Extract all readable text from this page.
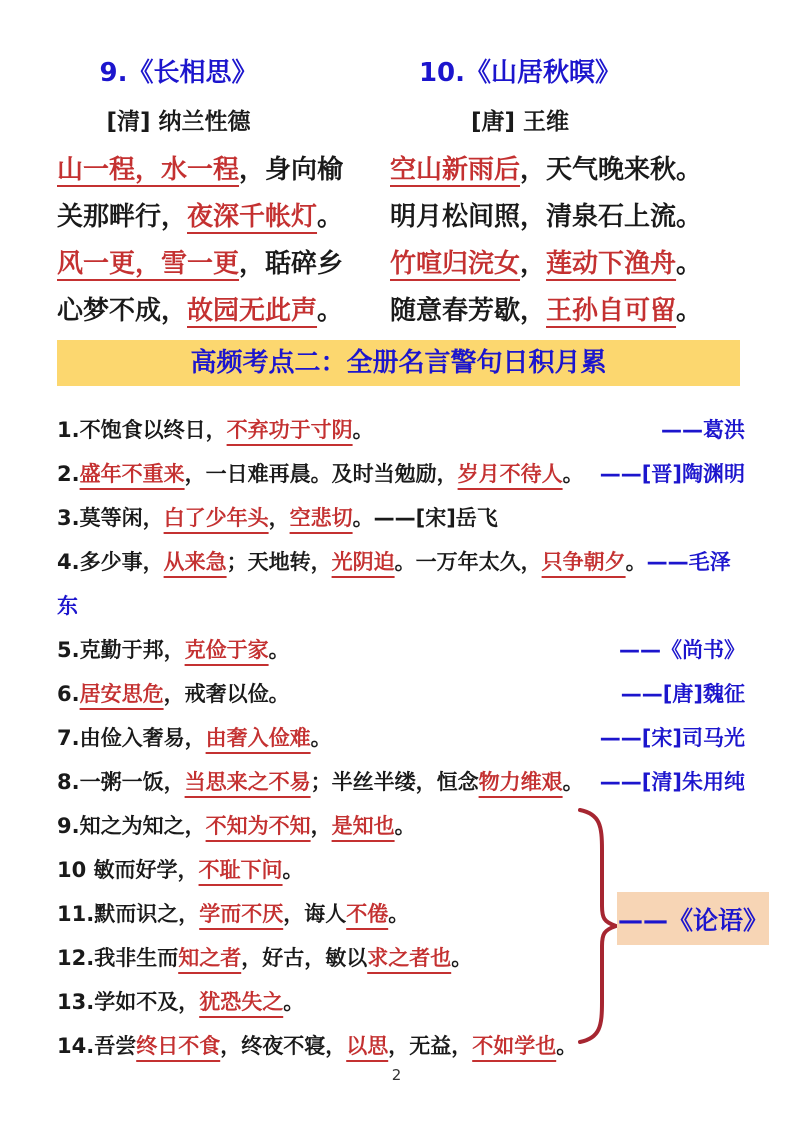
9.《长相思》
[清] 纳兰性德
山一程，水一程，身向榆
关那畔行，夜深千帐灯。
风一更，雪一更，聒碎乡
心梦不成，故园无此声。
10.《山居秋暝》
[唐] 王维
空山新雨后，天气晚来秋。
明月松间照，清泉石上流。
竹喧归浣女，莲动下渔舟。
随意春芳歇，王孙自可留。
高频考点二：全册名言警句日积月累
1.不饱食以终日，不弃功于寸阴。	——葛洪
2.盛年不重来，一日难再晨。及时当勉励，岁月不待人。 ——[晋]陶渊明
3.莫等闲，白了少年头，空悲切。——[宋]岳飞
4.多少事，从来急；天地转，光阴迫。一万年太久，只争朝夕。——毛泽
东
5.克勤于邦，克俭于家。	——《尚书》
6.居安思危，戒奢以俭。	——[唐]魏征
7.由俭入奢易，由奢入俭难。	——[宋]司马光
8.一粥一饭，当思来之不易；半丝半缕，恒念物力维艰。 ——[清]朱用纯
9.知之为知之，不知为不知，是知也。
10 敏而好学，不耻下问。
11.默而识之，学而不厌，诲人不倦。
12.我非生而知之者，好古，敏以求之者也。
13.学如不及，犹恐失之。
14.吾尝终日不食，终夜不寝，以思，无益，不如学也。
——《论语》
2
